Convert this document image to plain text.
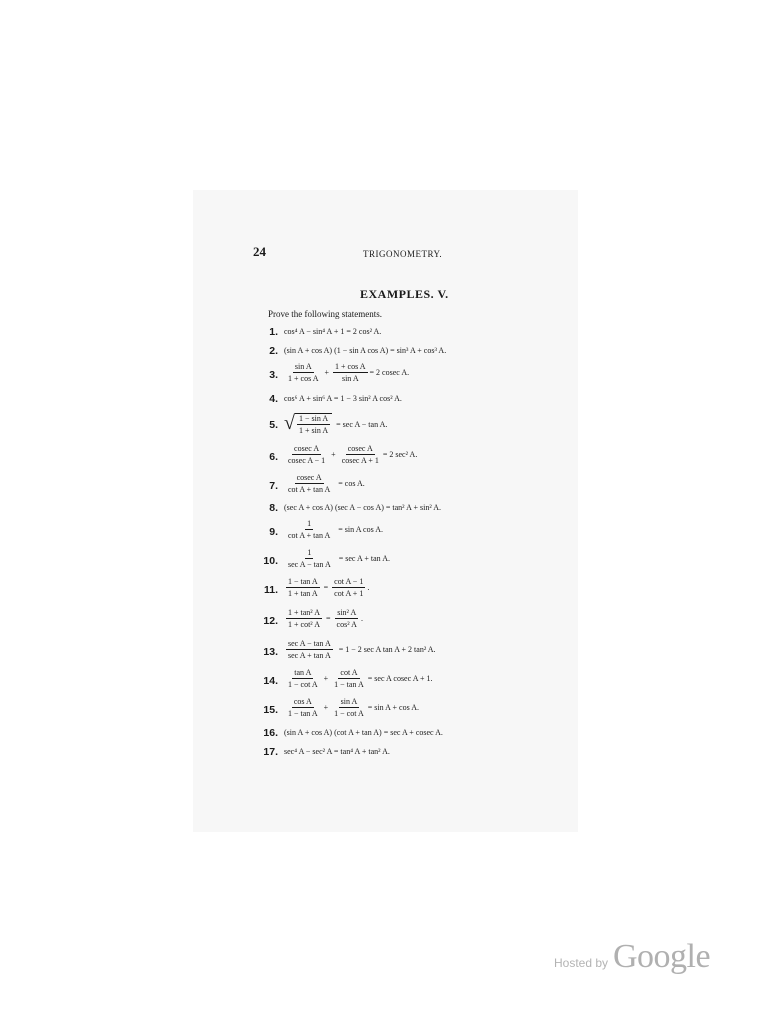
24	TRIGONOMETRY.
EXAMPLES. V.
Prove the following statements.
1. cos⁴ A − sin⁴ A + 1 = 2 cos² A.
2. (sin A + cos A) (1 − sin A cos A) = sin³ A + cos³ A.
3. $\frac{\text{sin A}}{\text{1 + cos A}} + \frac{\text{1 + cos A}}{\text{sin A}} = 2$ cosec A.
4. cos⁶ A + sin⁶ A = 1 − 3 sin² A cos² A.
5. √ $\frac{\text{1 − sin A}}{\text{1 + sin A}} = \sec A - \tan A$.
6. $\frac{\text{cosec A}}{\text{cosec A − 1}} + \frac{\text{cosec A}}{\text{cosec A + 1}} = 2$ sec² A.
7. $\frac{\text{cosec A}}{\text{cot A + tan A}} = \cos A$.
8. (sec A + cos A) (sec A − cos A) = tan² A + sin² A.
9. $\frac{1}{\text{cot A + tan A}} = \sin A$ cos A.
10. $\frac{1}{\text{sec A − tan A}} = \sec A + \tan A$.
11. $\frac{\text{1 − tan A}}{\text{1 + tan A}} = \frac{\text{cot A − 1}}{\text{cot A + 1}}$ .
12. $\frac{\text{1 + tan² A}}{\text{1 + cot² A}} = \frac{\text{sin² A}}{\text{cos² A}}$ .
13. $\frac{\text{sec A − tan A}}{\text{sec A + tan A}} = 1 - 2$ sec A tan A + 2 tan² A.
14. $\frac{\text{tan A}}{\text{1 − cot A}} + \frac{\text{cot A}}{\text{1 − tan A}} = \sec A$ cosec A + 1.
15. $\frac{\text{cos A}}{\text{1 − tan A}} + \frac{\text{sin A}}{\text{1 − cot A}} = \sin A + \cos A$.
16. (sin A + cos A) (cot A + tan A) = sec A + cosec A.
17. sec⁴ A − sec² A = tan⁴ A + tan² A.
Hosted by Google
